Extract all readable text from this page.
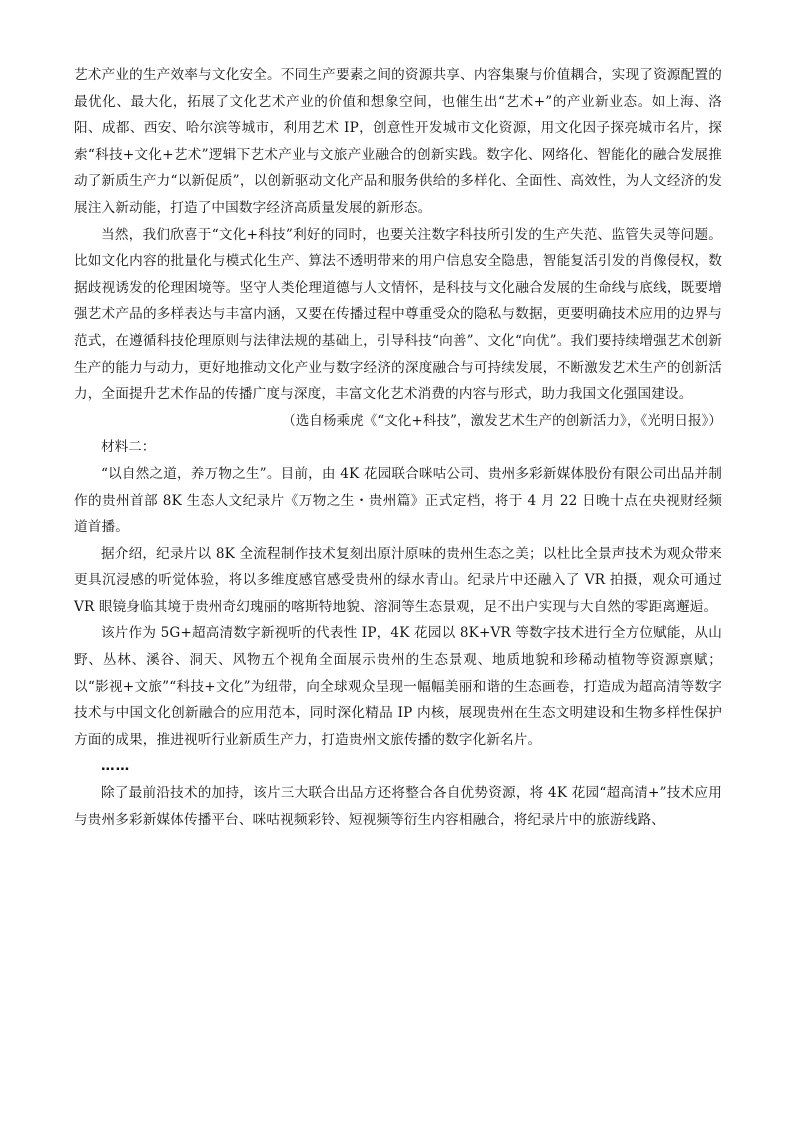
艺术产业的生产效率与文化安全。不同生产要素之间的资源共享、内容集聚与价值耦合，实现了资源配置的最优化、最大化，拓展了文化艺术产业的价值和想象空间，也催生出“艺术+”的产业新业态。如上海、洛阳、成都、西安、哈尔滨等城市，利用艺术 IP，创意性开发城市文化资源，用文化因子探亮城市名片，探索“科技+文化+艺术”逻辑下艺术产业与文旅产业融合的创新实践。数字化、网络化、智能化的融合发展推动了新质生产力“以新促质”，以创新驱动文化产品和服务供给的多样化、全面性、高效性，为人文经济的发展注入新动能，打造了中国数字经济高质量发展的新形态。

当然，我们欣喜于“文化+科技”利好的同时，也要关注数字科技所引发的生产失范、监管失灵等问题。比如文化内容的批量化与模式化生产、算法不透明带来的用户信息安全隐患，智能复活引发的肖像侵权，数据歧视诱发的伦理困境等。坚守人类伦理道德与人文情怀，是科技与文化融合发展的生命线与底线，既要增强艺术产品的多样表达与丰富内涵，又要在传播过程中尊重受众的隐私与数据，更要明确技术应用的边界与范式，在遵循科技伦理原则与法律法规的基础上，引导科技“向善”、文化“向优”。我们要持续增强艺术创新生产的能力与动力，更好地推动文化产业与数字经济的深度融合与可持续发展，不断激发艺术生产的创新活力，全面提升艺术作品的传播广度与深度，丰富文化艺术消费的内容与形式，助力我国文化强国建设。

（选自杨乘虎《“文化+科技”，激发艺术生产的创新活力》，《光明日报》）

材料二：

“以自然之道，养万物之生”。目前，由 4K 花园联合咪咕公司、贵州多彩新媒体股份有限公司出品并制作的贵州首部 8K 生态人文纪录片《万物之生・贵州篇》正式定档，将于 4 月 22 日晚十点在央视财经频道首播。

据介绍，纪录片以 8K 全流程制作技术复刻出原汁原味的贵州生态之美；以杜比全景声技术为观众带来更具沉浸感的听觉体验，将以多维度感官感受贵州的绿水青山。纪录片中还融入了 VR 拍摄，观众可通过 VR 眼镜身临其境于贵州奇幻瑰丽的喀斯特地貌、溶洞等生态景观，足不出户实现与大自然的零距离邂逅。

该片作为 5G+超高清数字新视听的代表性 IP，4K 花园以 8K+VR 等数字技术进行全方位赋能，从山野、丛林、溪谷、洞天、风物五个视角全面展示贵州的生态景观、地质地貌和珍稀动植物等资源禀赋；以“影视+文旅”“科技+文化”为纽带，向全球观众呈现一幅幅美丽和谐的生态画卷，打造成为超高清等数字技术与中国文化创新融合的应用范本，同时深化精品 IP 内核，展现贵州在生态文明建设和生物多样性保护方面的成果，推进视听行业新质生产力，打造贵州文旅传播的数字化新名片。

……

除了最前沿技术的加持，该片三大联合出品方还将整合各自优势资源，将 4K 花园“超高清+”技术应用与贵州多彩新媒体传播平台、咪咕视频彩铃、短视频等衍生内容相融合，将纪录片中的旅游线路、
